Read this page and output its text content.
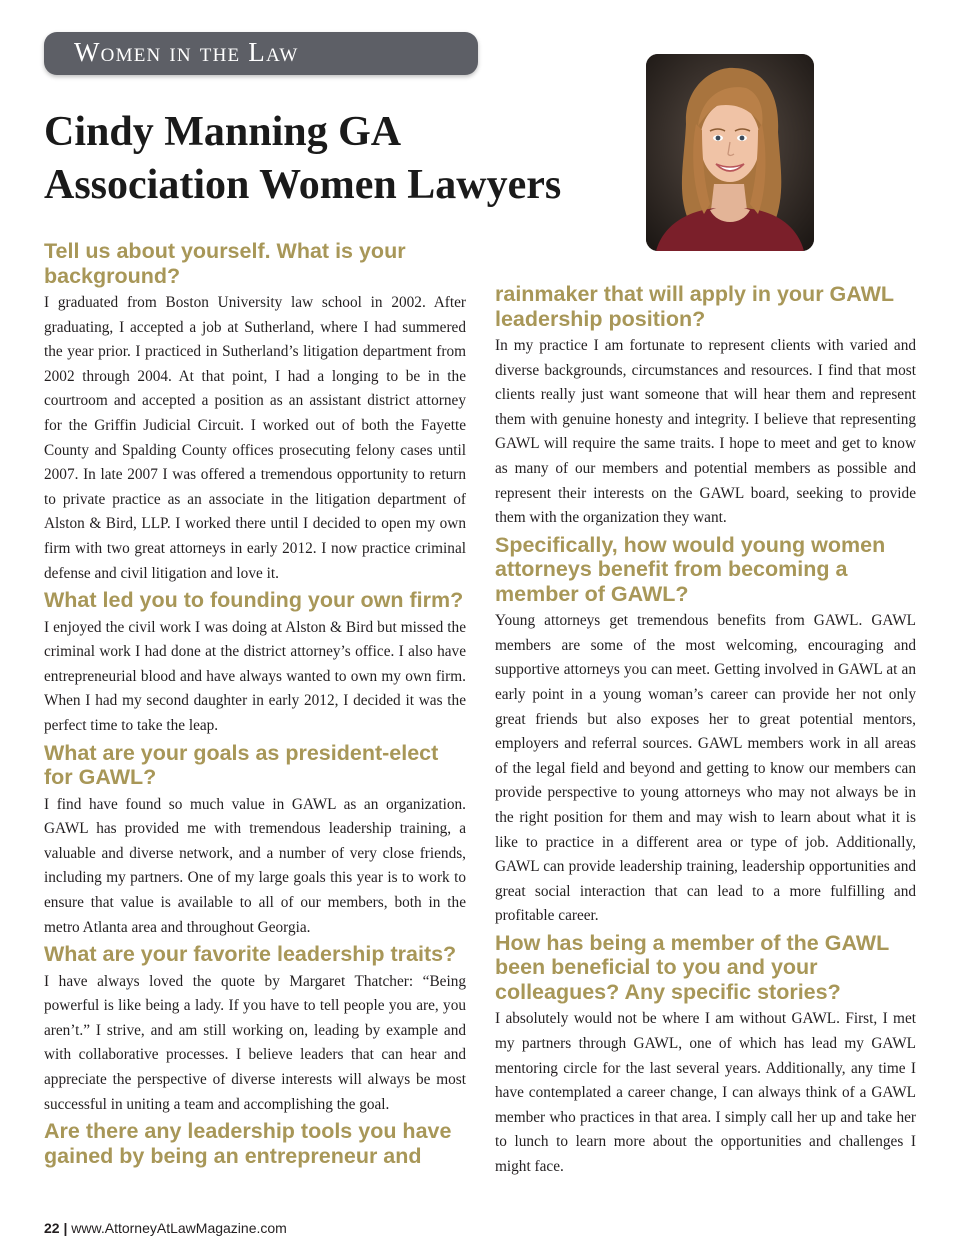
Women in the Law
Cindy Manning GA
Association Women Lawyers
Tell us about yourself. What is your background?

I graduated from Boston University law school in 2002. After graduating, I accepted a job at Sutherland, where I had summered the year prior. I practiced in Sutherland’s litigation department from 2002 through 2004. At that point, I had a longing to be in the courtroom and accepted a position as an assistant district attorney for the Griffin Judicial Circuit. I worked out of both the Fayette County and Spalding County offices prosecuting felony cases until 2007. In late 2007 I was offered a tremendous opportunity to return to private practice as an associate in the litigation department of Alston & Bird, LLP. I worked there until I decided to open my own firm with two great attorneys in early 2012. I now practice criminal defense and civil litigation and love it.

What led you to founding your own firm?

I enjoyed the civil work I was doing at Alston & Bird but missed the criminal work I had done at the district attorney’s office. I also have entrepreneurial blood and have always wanted to own my own firm. When I had my second daughter in early 2012, I decided it was the perfect time to take the leap.

What are your goals as president-elect for GAWL?

I find have found so much value in GAWL as an organization. GAWL has provided me with tremendous leadership training, a valuable and diverse network, and a number of very close friends, including my partners. One of my large goals this year is to work to ensure that value is available to all of our members, both in the metro Atlanta area and throughout Georgia.

What are your favorite leadership traits?

I have always loved the quote by Margaret Thatcher: “Being powerful is like being a lady. If you have to tell people you are, you aren’t.” I strive, and am still working on, leading by example and with collaborative processes. I believe leaders that can hear and appreciate the perspective of diverse interests will always be most successful in uniting a team and accomplishing the goal.

Are there any leadership tools you have gained by being an entrepreneur and
rainmaker that will apply in your GAWL leadership position?

In my practice I am fortunate to represent clients with varied and diverse backgrounds, circumstances and resources. I find that most clients really just want someone that will hear them and represent them with genuine honesty and integrity. I believe that representing GAWL will require the same traits. I hope to meet and get to know as many of our members and potential members as possible and represent their interests on the GAWL board, seeking to provide them with the organization they want.

Specifically, how would young women attorneys benefit from becoming a member of GAWL?

Young attorneys get tremendous benefits from GAWL. GAWL members are some of the most welcoming, encouraging and supportive attorneys you can meet. Getting involved in GAWL at an early point in a young woman’s career can provide her not only great friends but also exposes her to great potential mentors, employers and referral sources. GAWL members work in all areas of the legal field and beyond and getting to know our members can provide perspective to young attorneys who may not always be in the right position for them and may wish to learn about what it is like to practice in a different area or type of job. Additionally, GAWL can provide leadership training, leadership opportunities and great social interaction that can lead to a more fulfilling and profitable career.

How has being a member of the GAWL been beneficial to you and your colleagues? Any specific stories?

I absolutely would not be where I am without GAWL. First, I met my partners through GAWL, one of which has lead my GAWL mentoring circle for the last several years. Additionally, any time I have contemplated a career change, I can always think of a GAWL member who practices in that area. I simply call her up and take her to lunch to learn more about the opportunities and challenges I might face.

22 | www.AttorneyAtLawMagazine.com
